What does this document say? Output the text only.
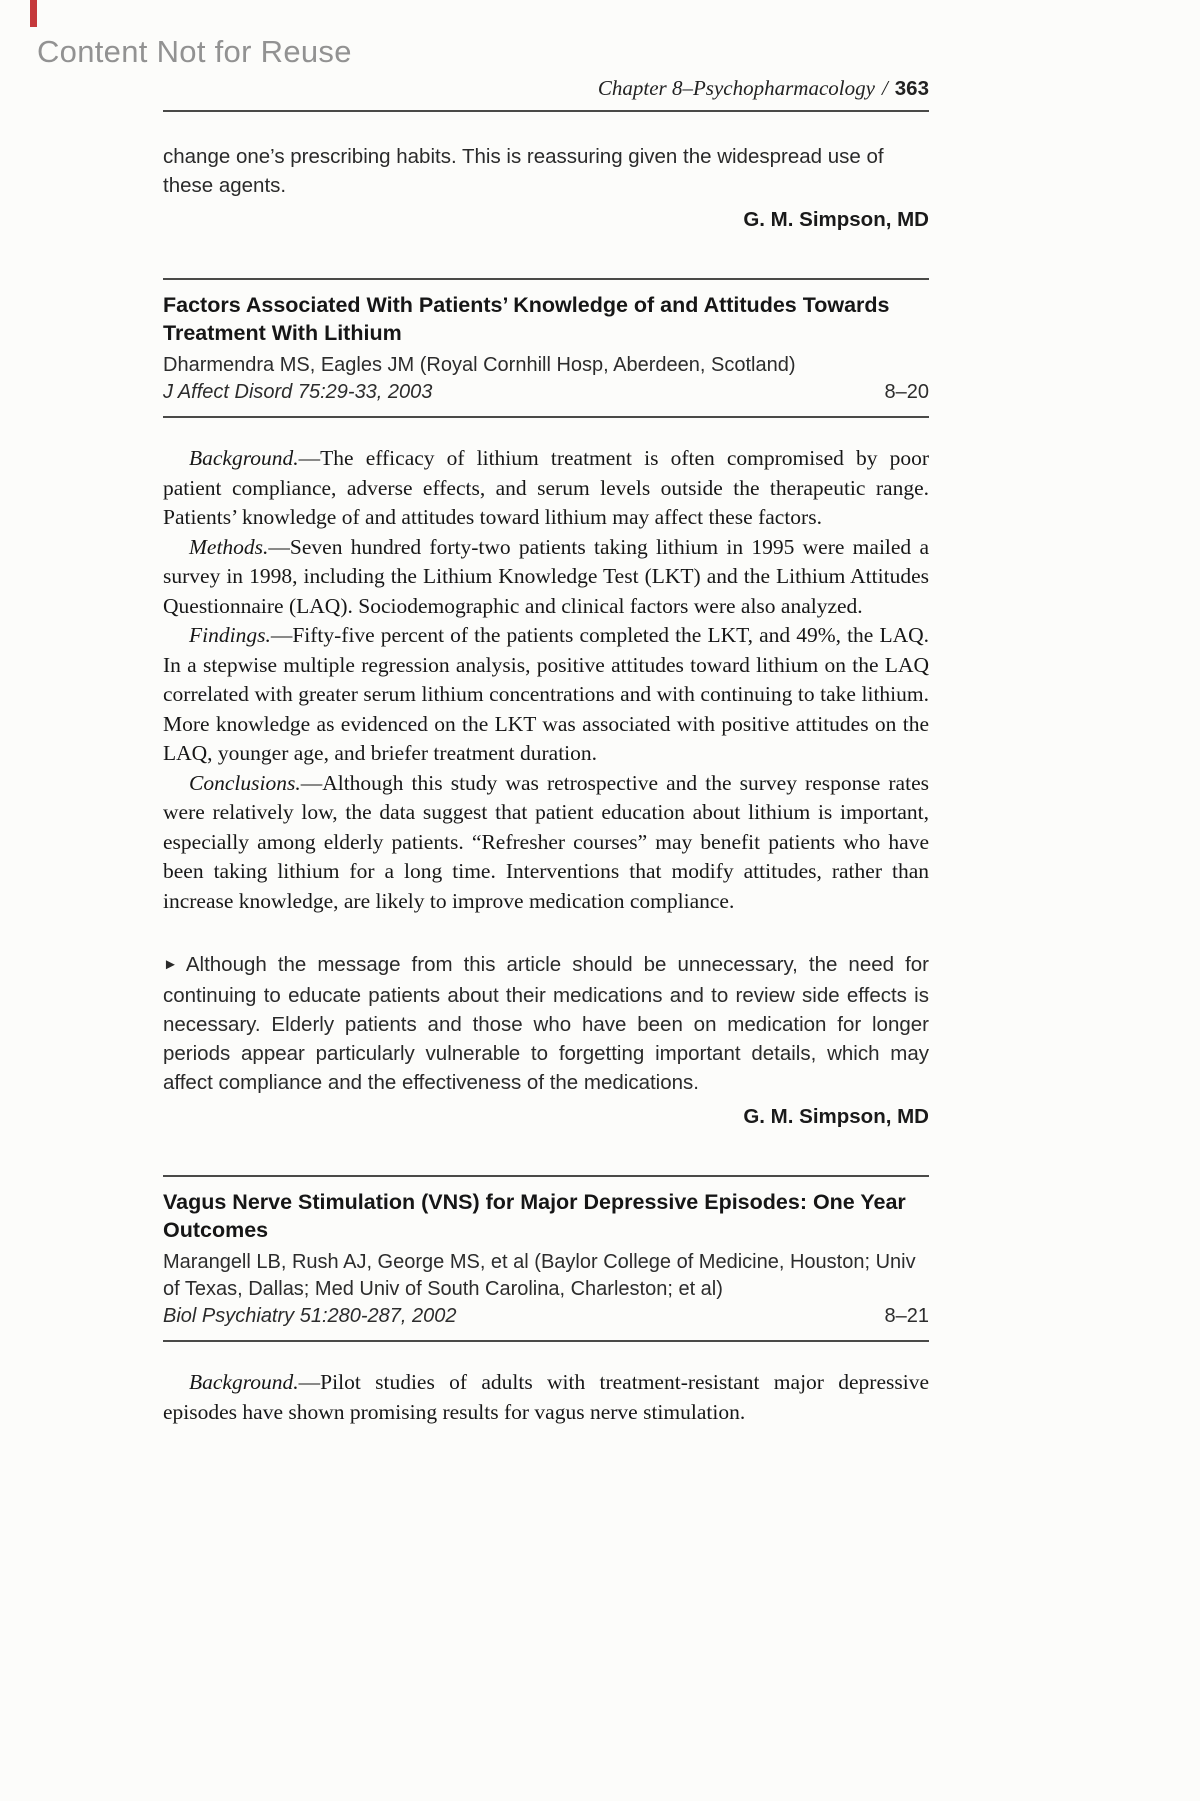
Content Not for Reuse
Chapter 8–Psychopharmacology / 363

change one’s prescribing habits. This is reassuring given the widespread use of these agents.

G. M. Simpson, MD
Factors Associated With Patients’ Knowledge of and Attitudes Towards Treatment With Lithium

Dharmendra MS, Eagles JM (Royal Cornhill Hosp, Aberdeen, Scotland)

J Affect Disord 75:29-33, 2003	8–20

Background.—The efficacy of lithium treatment is often compromised by poor patient compliance, adverse effects, and serum levels outside the therapeutic range. Patients’ knowledge of and attitudes toward lithium may affect these factors.

Methods.—Seven hundred forty-two patients taking lithium in 1995 were mailed a survey in 1998, including the Lithium Knowledge Test (LKT) and the Lithium Attitudes Questionnaire (LAQ). Sociodemographic and clinical factors were also analyzed.

Findings.—Fifty-five percent of the patients completed the LKT, and 49%, the LAQ. In a stepwise multiple regression analysis, positive attitudes toward lithium on the LAQ correlated with greater serum lithium concentrations and with continuing to take lithium. More knowledge as evidenced on the LKT was associated with positive attitudes on the LAQ, younger age, and briefer treatment duration.

Conclusions.—Although this study was retrospective and the survey response rates were relatively low, the data suggest that patient education about lithium is important, especially among elderly patients. “Refresher courses” may benefit patients who have been taking lithium for a long time. Interventions that modify attitudes, rather than increase knowledge, are likely to improve medication compliance.

► Although the message from this article should be unnecessary, the need for continuing to educate patients about their medications and to review side effects is necessary. Elderly patients and those who have been on medication for longer periods appear particularly vulnerable to forgetting important details, which may affect compliance and the effectiveness of the medications.

G. M. Simpson, MD
Vagus Nerve Stimulation (VNS) for Major Depressive Episodes: One Year Outcomes

Marangell LB, Rush AJ, George MS, et al (Baylor College of Medicine, Houston; Univ of Texas, Dallas; Med Univ of South Carolina, Charleston; et al)

Biol Psychiatry 51:280-287, 2002	8–21

Background.—Pilot studies of adults with treatment-resistant major depressive episodes have shown promising results for vagus nerve stimulation.
